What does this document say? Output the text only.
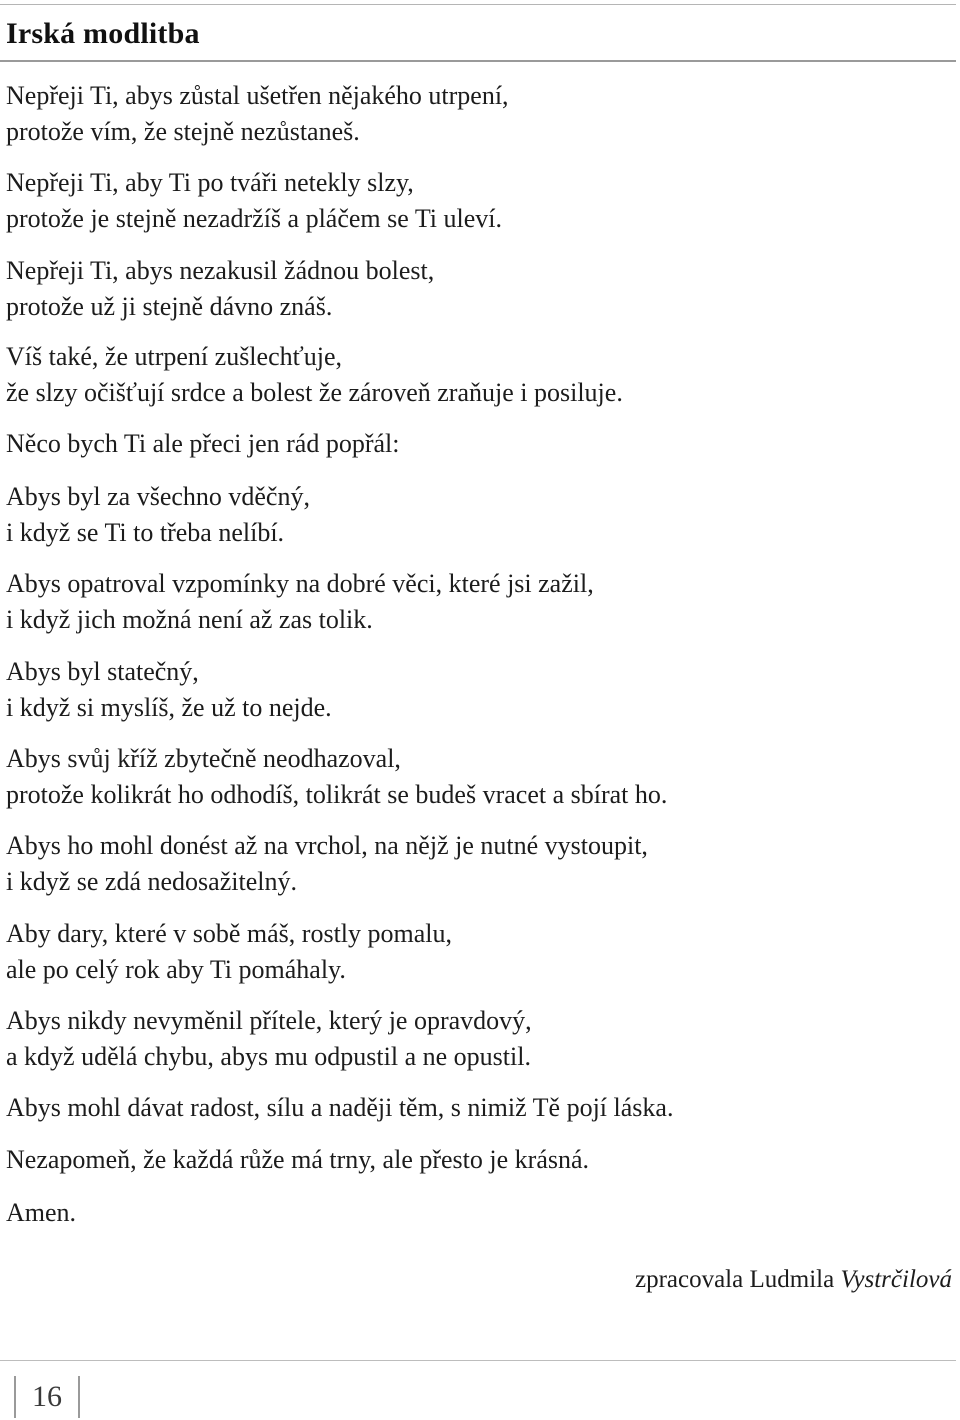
Irská modlitba

Nepřeji Ti, abys zůstal ušetřen nějakého utrpení,
protože vím, že stejně nezůstaneš.

Nepřeji Ti, aby Ti po tváři netekly slzy,
protože je stejně nezadržíš a pláčem se Ti uleví.

Nepřeji Ti, abys nezakusil žádnou bolest,
protože už ji stejně dávno znáš.

Víš také, že utrpení zušlechťuje,
že slzy očišťují srdce a bolest že zároveň zraňuje i posiluje.

Něco bych Ti ale přeci jen rád popřál:

Abys byl za všechno vděčný,
i když se Ti to třeba nelíbí.

Abys opatroval vzpomínky na dobré věci, které jsi zažil,
i když jich možná není až zas tolik.

Abys byl statečný,
i když si myslíš, že už to nejde.

Abys svůj kříž zbytečně neodhazoval,
protože kolikrát ho odhodíš, tolikrát se budeš vracet a sbírat ho.

Abys ho mohl donést až na vrchol, na nějž je nutné vystoupit,
i když se zdá nedosažitelný.

Aby dary, které v sobě máš, rostly pomalu,
ale po celý rok aby Ti pomáhaly.

Abys nikdy nevyměnil přítele, který je opravdový,
a když udělá chybu, abys mu odpustil a ne opustil.

Abys mohl dávat radost, sílu a naději těm, s nimiž Tě pojí láska.

Nezapomeň, že každá růže má trny, ale přesto je krásná.

Amen.

zpracovala Ludmila Vystrčilová
16
